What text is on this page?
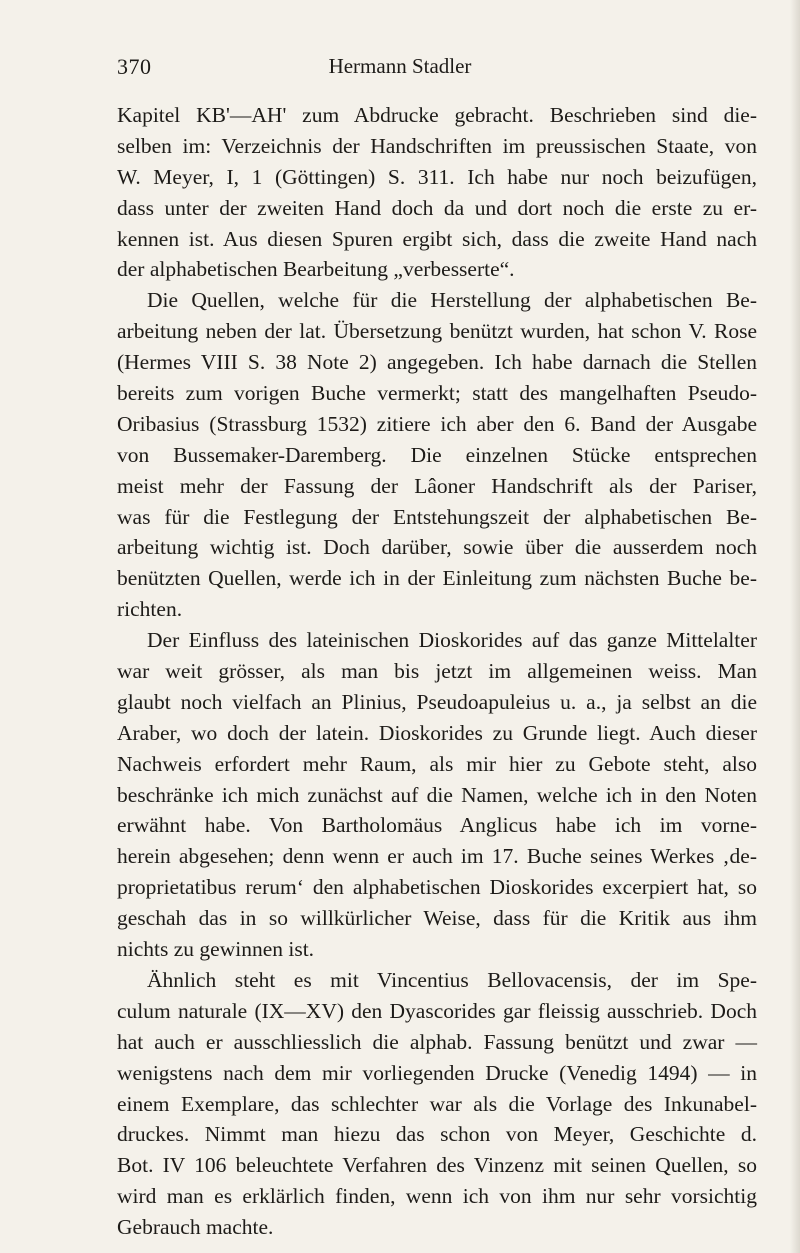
370	Hermann Stadler
Kapitel KB'—AH' zum Abdrucke gebracht. Beschrieben sind die-
selben im: Verzeichnis der Handschriften im preussischen Staate, von
W. Meyer, I, 1 (Göttingen) S. 311. Ich habe nur noch beizufügen,
dass unter der zweiten Hand doch da und dort noch die erste zu er-
kennen ist. Aus diesen Spuren ergibt sich, dass die zweite Hand nach
der alphabetischen Bearbeitung „verbesserte“.
Die Quellen, welche für die Herstellung der alphabetischen Be-
arbeitung neben der lat. Übersetzung benützt wurden, hat schon V. Rose
(Hermes VIII S. 38 Note 2) angegeben. Ich habe darnach die Stellen
bereits zum vorigen Buche vermerkt; statt des mangelhaften Pseudo-
Oribasius (Strassburg 1532) zitiere ich aber den 6. Band der Ausgabe
von Bussemaker-Daremberg. Die einzelnen Stücke entsprechen
meist mehr der Fassung der Lâoner Handschrift als der Pariser,
was für die Festlegung der Entstehungszeit der alphabetischen Be-
arbeitung wichtig ist. Doch darüber, sowie über die ausserdem noch
benützten Quellen, werde ich in der Einleitung zum nächsten Buche be-
richten.
Der Einfluss des lateinischen Dioskorides auf das ganze Mittelalter
war weit grösser, als man bis jetzt im allgemeinen weiss. Man
glaubt noch vielfach an Plinius, Pseudoapuleius u. a., ja selbst an die
Araber, wo doch der latein. Dioskorides zu Grunde liegt. Auch dieser
Nachweis erfordert mehr Raum, als mir hier zu Gebote steht, also
beschränke ich mich zunächst auf die Namen, welche ich in den Noten
erwähnt habe. Von Bartholomäus Anglicus habe ich im vorne-
herein abgesehen; denn wenn er auch im 17. Buche seines Werkes ‚de-
proprietatibus rerum‘ den alphabetischen Dioskorides excerpiert hat, so
geschah das in so willkürlicher Weise, dass für die Kritik aus ihm
nichts zu gewinnen ist.
Ähnlich steht es mit Vincentius Bellovacensis, der im Spe-
culum naturale (IX—XV) den Dyascorides gar fleissig ausschrieb. Doch
hat auch er ausschliesslich die alphab. Fassung benützt und zwar —
wenigstens nach dem mir vorliegenden Drucke (Venedig 1494) — in
einem Exemplare, das schlechter war als die Vorlage des Inkunabel-
druckes. Nimmt man hiezu das schon von Meyer, Geschichte d.
Bot. IV 106 beleuchtete Verfahren des Vinzenz mit seinen Quellen, so
wird man es erklärlich finden, wenn ich von ihm nur sehr vorsichtig
Gebrauch machte.
